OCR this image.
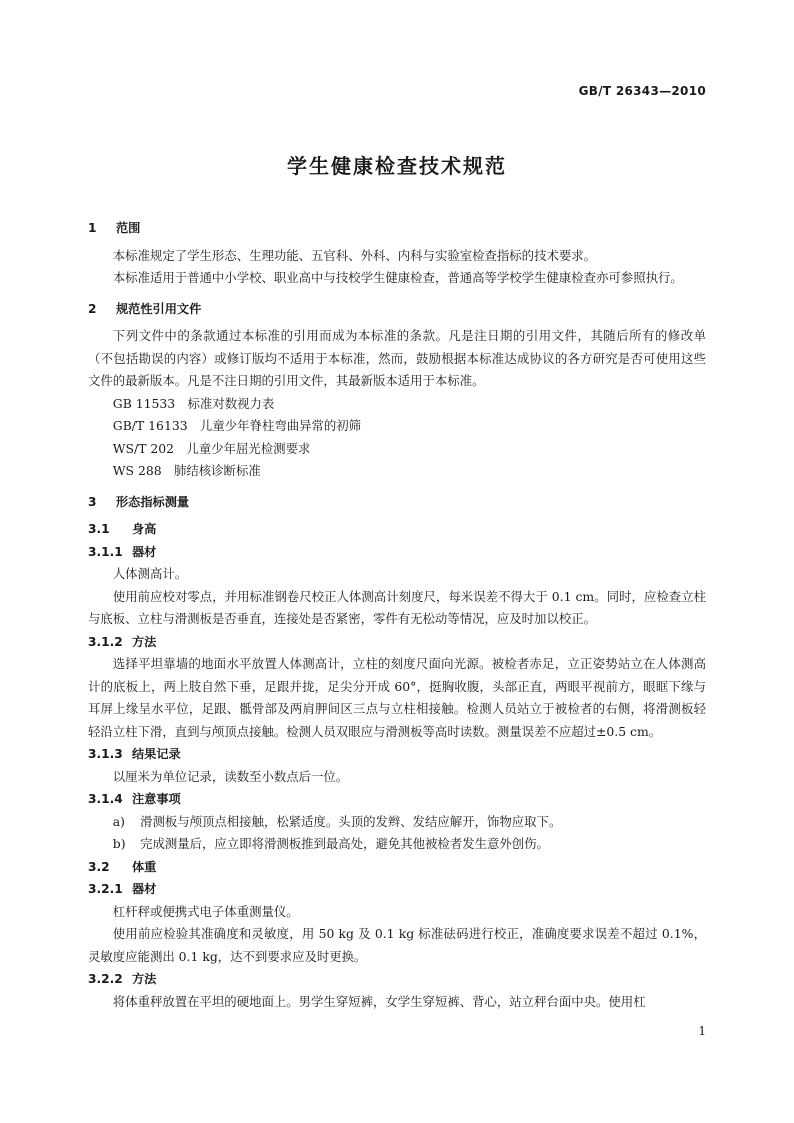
GB/T 26343—2010
学生健康检查技术规范
1 范围
本标准规定了学生形态、生理功能、五官科、外科、内科与实验室检查指标的技术要求。
本标准适用于普通中小学校、职业高中与技校学生健康检查，普通高等学校学生健康检查亦可参照执行。
2 规范性引用文件
下列文件中的条款通过本标准的引用而成为本标准的条款。凡是注日期的引用文件，其随后所有的修改单（不包括勘误的内容）或修订版均不适用于本标准，然而，鼓励根据本标准达成协议的各方研究是否可使用这些文件的最新版本。凡是不注日期的引用文件，其最新版本适用于本标准。
GB 11533　标准对数视力表
GB/T 16133　儿童少年脊柱弯曲异常的初筛
WS/T 202　儿童少年屈光检测要求
WS 288　肺结核诊断标准
3 形态指标测量
3.1 身高
3.1.1 器材
人体测高计。
使用前应校对零点，并用标准钢卷尺校正人体测高计刻度尺，每米误差不得大于 0.1 cm。同时，应检查立柱与底板、立柱与滑测板是否垂直，连接处是否紧密，零件有无松动等情况，应及时加以校正。
3.1.2 方法
选择平坦靠墙的地面水平放置人体测高计，立柱的刻度尺面向光源。被检者赤足，立正姿势站立在人体测高计的底板上，两上肢自然下垂，足跟并拢，足尖分开成 60°，挺胸收腹，头部正直，两眼平视前方，眼眶下缘与耳屏上缘呈水平位，足跟、骶骨部及两肩胛间区三点与立柱相接触。检测人员站立于被检者的右侧，将滑测板轻轻沿立柱下滑，直到与颅顶点接触。检测人员双眼应与滑测板等高时读数。测量误差不应超过±0.5 cm。
3.1.3 结果记录
以厘米为单位记录，读数至小数点后一位。
3.1.4 注意事项
a) 滑测板与颅顶点相接触，松紧适度。头顶的发辫、发结应解开，饰物应取下。
b) 完成测量后，应立即将滑测板推到最高处，避免其他被检者发生意外创伤。
3.2 体重
3.2.1 器材
杠杆秤或便携式电子体重测量仪。
使用前应检验其准确度和灵敏度，用 50 kg 及 0.1 kg 标准砝码进行校正，准确度要求误差不超过 0.1%，灵敏度应能测出 0.1 kg，达不到要求应及时更换。
3.2.2 方法
将体重秤放置在平坦的硬地面上。男学生穿短裤，女学生穿短裤、背心，站立秤台面中央。使用杠
1
